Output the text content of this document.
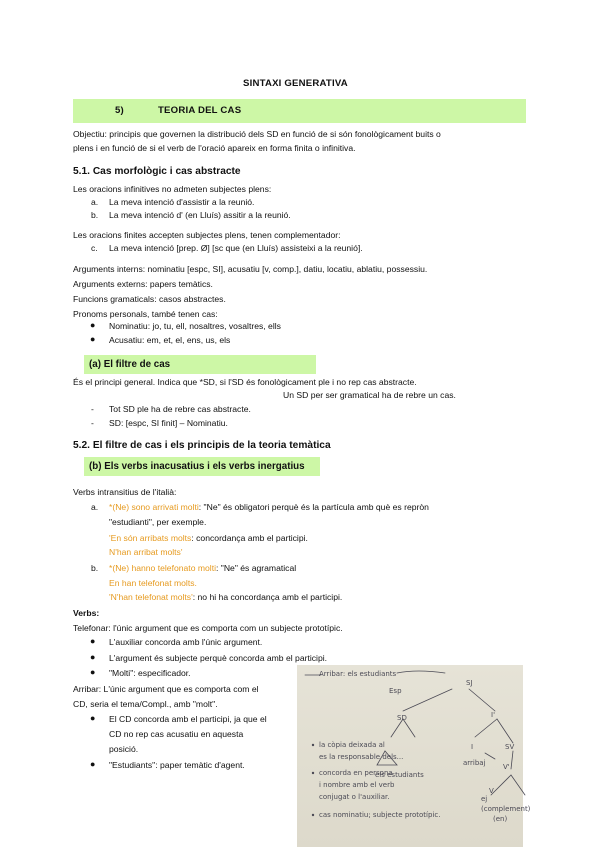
SINTAXI GENERATIVA
5)	TEORIA DEL CAS
Objectiu: principis que governen la distribució dels SD en funció de si són fonològicament buits o
plens i en funció de si el verb de l'oració apareix en forma finita o infinitiva.
5.1. Cas morfològic i cas abstracte
Les oracions infinitives no admeten subjectes plens:
a. La meva intenció d'assistir a la reunió.
b. La meva intenció d' (en Lluís) assitir a la reunió.
Les oracions finites accepten subjectes plens, tenen complementador:
c. La meva intenció [prep. Ø] [sc que (en Lluís) assisteixi a la reunió].
Arguments interns: nominatiu [espc, SI], acusatiu [v, comp.], datiu, locatiu, ablatiu, possessiu.
Arguments externs: papers temàtics.
Funcions gramaticals: casos abstractes.
Pronoms personals, també tenen cas:
● Nominatiu: jo, tu, ell, nosaltres, vosaltres, ells
● Acusatiu: em, et, el, ens, us, els
(a) El filtre de cas
És el principi general. Indica que *SD, si l'SD és fonològicament ple i no rep cas abstracte.
Un SD per ser gramatical ha de rebre un cas.
- Tot SD ple ha de rebre cas abstracte.
- SD: [espc, SI finit] – Nominatiu.
5.2. El filtre de cas i els principis de la teoria temàtica
(b) Els verbs inacusatius i els verbs inergatius
Verbs intransitius de l'italià:
a. *(Ne) sono arrivati molti: "Ne" és obligatori perquè és la partícula amb què es repròn
"estudianti", per exemple.
'En són arribats molts: concordança amb el participi.
N'han arribat molts'
b. *(Ne) hanno telefonato molti: "Ne" és agramatical
En han telefonat molts.
'N'han telefonat molts': no hi ha concordança amb el participi.
Verbs:
Telefonar: l'únic argument que es comporta com un subjecte prototípic.
● L'auxiliar concorda amb l'únic argument.
● L'argument és subjecte perquè concorda amb el participi.
● "Molti": especificador.
Arribar: L'únic argument que es comporta com el
CD, seria el tema/Compl., amb "molt".
● El CD concorda amb el participi, ja que el
CD no rep cas acusatiu en aquesta
posició.
● "Estudiants": paper temàtic d'agent.
Arribar: els estudiants
SJ
Esp
SD	I'
els estudiants
I	SV
arribaj V'
V
ej
(complement)
(en)
la còpia deixada al
es la responsable dels...
concorda en persona
i nombre amb el verb
conjugat o l'auxiliar.
cas nominatiu; subjecte prototípic.
